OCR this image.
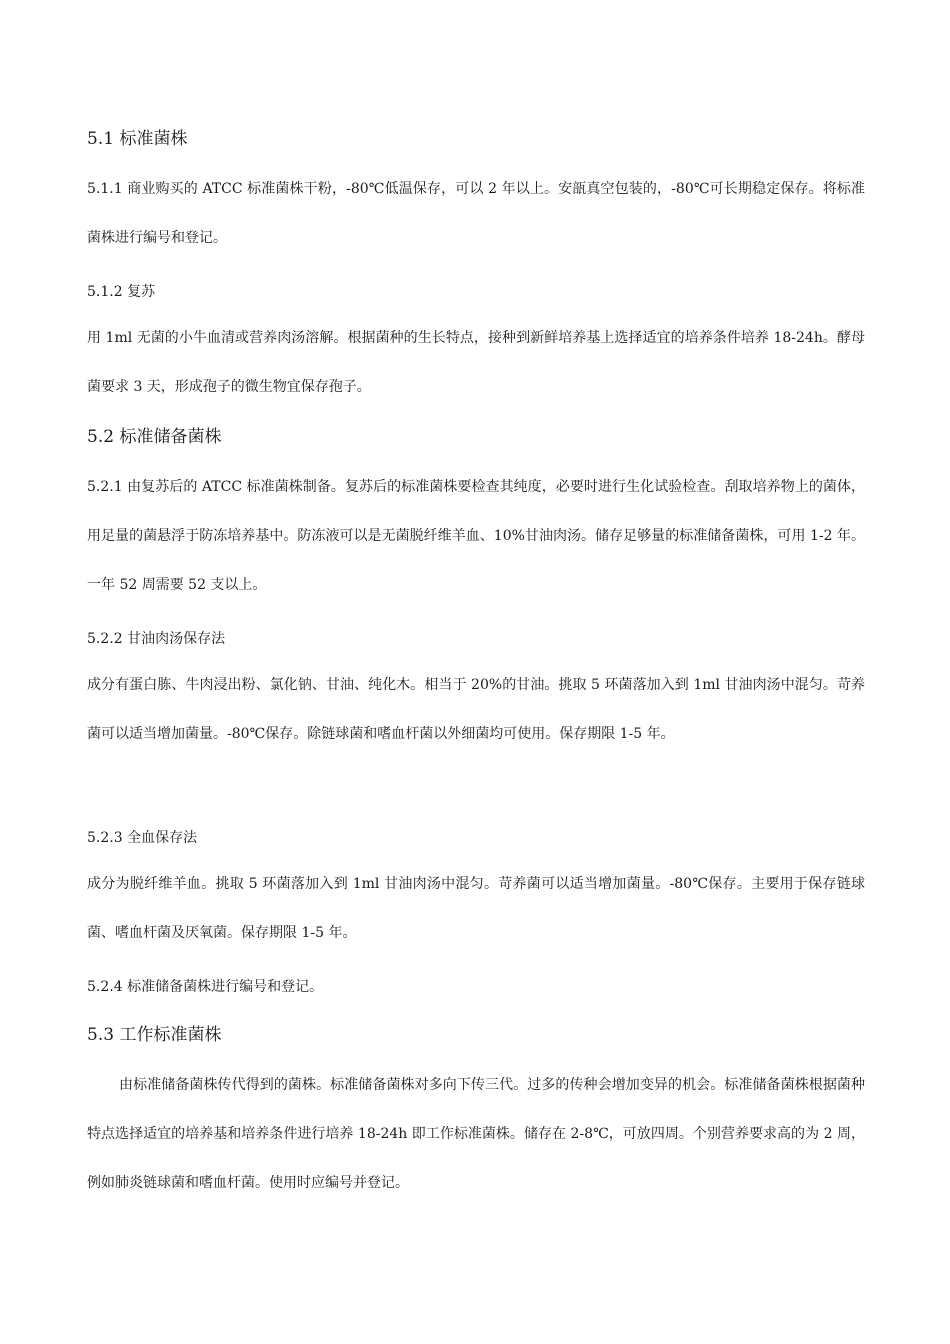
5.1 标准菌株

5.1.1 商业购买的 ATCC 标准菌株干粉，-80℃低温保存，可以 2 年以上。安瓿真空包装的，-80℃可长期稳定保存。将标准菌株进行编号和登记。

5.1.2 复苏

用 1ml 无菌的小牛血清或营养肉汤溶解。根据菌种的生长特点，接种到新鲜培养基上选择适宜的培养条件培养 18-24h。酵母菌要求 3 天，形成孢子的微生物宜保存孢子。

5.2 标准储备菌株

5.2.1 由复苏后的 ATCC 标准菌株制备。复苏后的标准菌株要检查其纯度，必要时进行生化试验检查。刮取培养物上的菌体，用足量的菌悬浮于防冻培养基中。防冻液可以是无菌脱纤维羊血、10%甘油肉汤。储存足够量的标准储备菌株，可用 1-2 年。一年 52 周需要 52 支以上。

5.2.2 甘油肉汤保存法

成分有蛋白胨、牛肉浸出粉、氯化钠、甘油、纯化木。相当于 20%的甘油。挑取 5 环菌落加入到 1ml 甘油肉汤中混匀。苛养菌可以适当增加菌量。-80℃保存。除链球菌和嗜血杆菌以外细菌均可使用。保存期限 1-5 年。

5.2.3 全血保存法

成分为脱纤维羊血。挑取 5 环菌落加入到 1ml 甘油肉汤中混匀。苛养菌可以适当增加菌量。-80℃保存。主要用于保存链球菌、嗜血杆菌及厌氧菌。保存期限 1-5 年。

5.2.4 标准储备菌株进行编号和登记。
5.3 工作标准菌株

由标准储备菌株传代得到的菌株。标准储备菌株对多向下传三代。过多的传种会增加变异的机会。标准储备菌株根据菌种特点选择适宜的培养基和培养条件进行培养 18-24h 即工作标准菌株。储存在 2-8℃，可放四周。个别营养要求高的为 2 周，例如肺炎链球菌和嗜血杆菌。使用时应编号并登记。
